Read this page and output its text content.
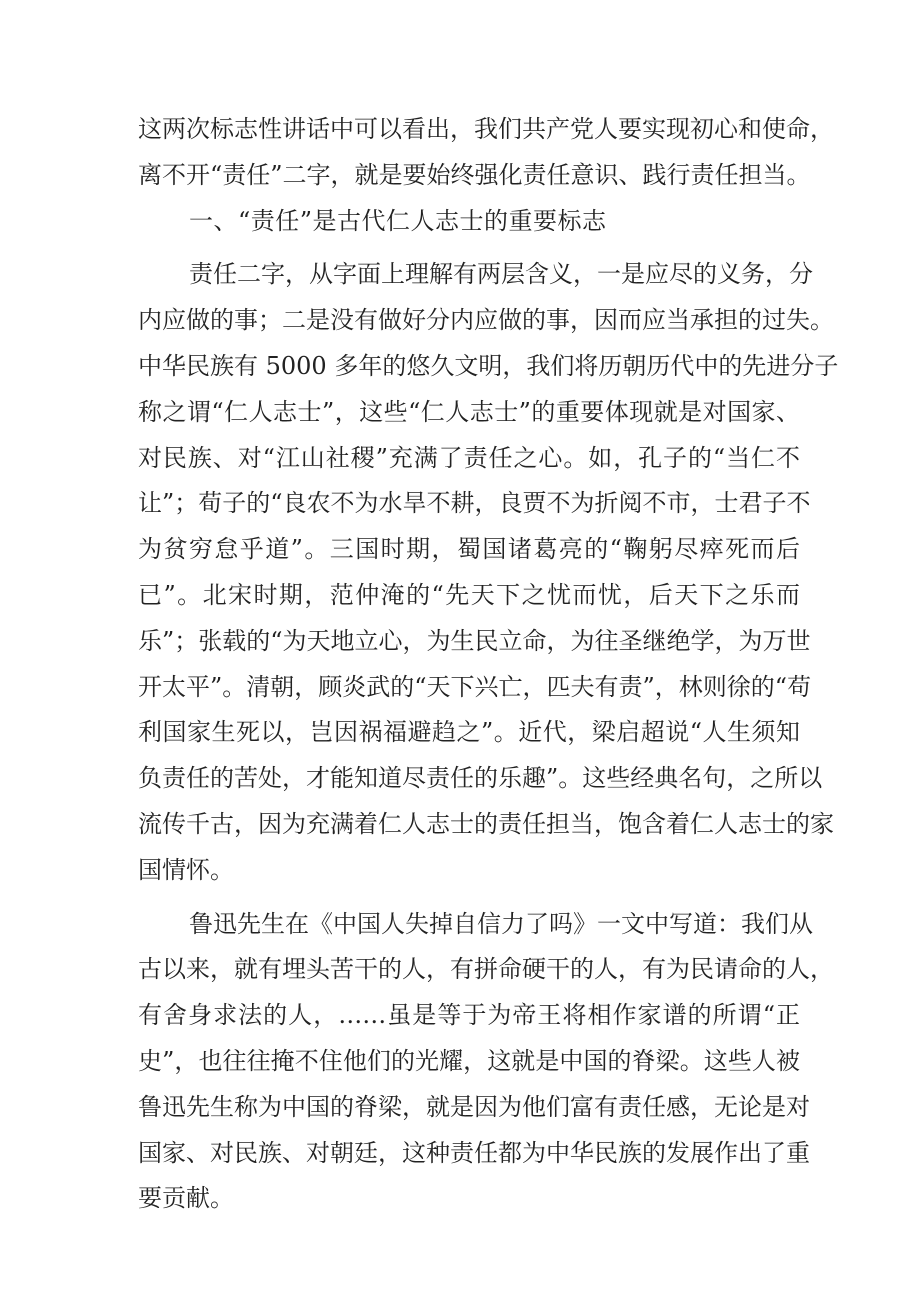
这两次标志性讲话中可以看出，我们共产党人要实现初心和使命，
离不开“责任”二字，就是要始终强化责任意识、践行责任担当。
一、“责任”是古代仁人志士的重要标志
责任二字，从字面上理解有两层含义，一是应尽的义务，分
内应做的事；二是没有做好分内应做的事，因而应当承担的过失。
中华民族有 5000 多年的悠久文明，我们将历朝历代中的先进分子
称之谓“仁人志士”，这些“仁人志士”的重要体现就是对国家、
对民族、对“江山社稷”充满了责任之心。如，孔子的“当仁不
让”；荀子的“良农不为水旱不耕，良贾不为折阅不市，士君子不
为贫穷怠乎道”。三国时期，蜀国诸葛亮的“鞠躬尽瘁死而后
已”。北宋时期，范仲淹的“先天下之忧而忧，后天下之乐而
乐”；张载的“为天地立心，为生民立命，为往圣继绝学，为万世
开太平”。清朝，顾炎武的“天下兴亡，匹夫有责”，林则徐的“苟
利国家生死以，岂因祸福避趋之”。近代，梁启超说“人生须知
负责任的苦处，才能知道尽责任的乐趣”。这些经典名句，之所以
流传千古，因为充满着仁人志士的责任担当，饱含着仁人志士的家
国情怀。
鲁迅先生在《中国人失掉自信力了吗》一文中写道：我们从
古以来，就有埋头苦干的人，有拼命硬干的人，有为民请命的人，
有舍身求法的人，……虽是等于为帝王将相作家谱的所谓“正
史”，也往往掩不住他们的光耀，这就是中国的脊梁。这些人被
鲁迅先生称为中国的脊梁，就是因为他们富有责任感，无论是对
国家、对民族、对朝廷，这种责任都为中华民族的发展作出了重
要贡献。
